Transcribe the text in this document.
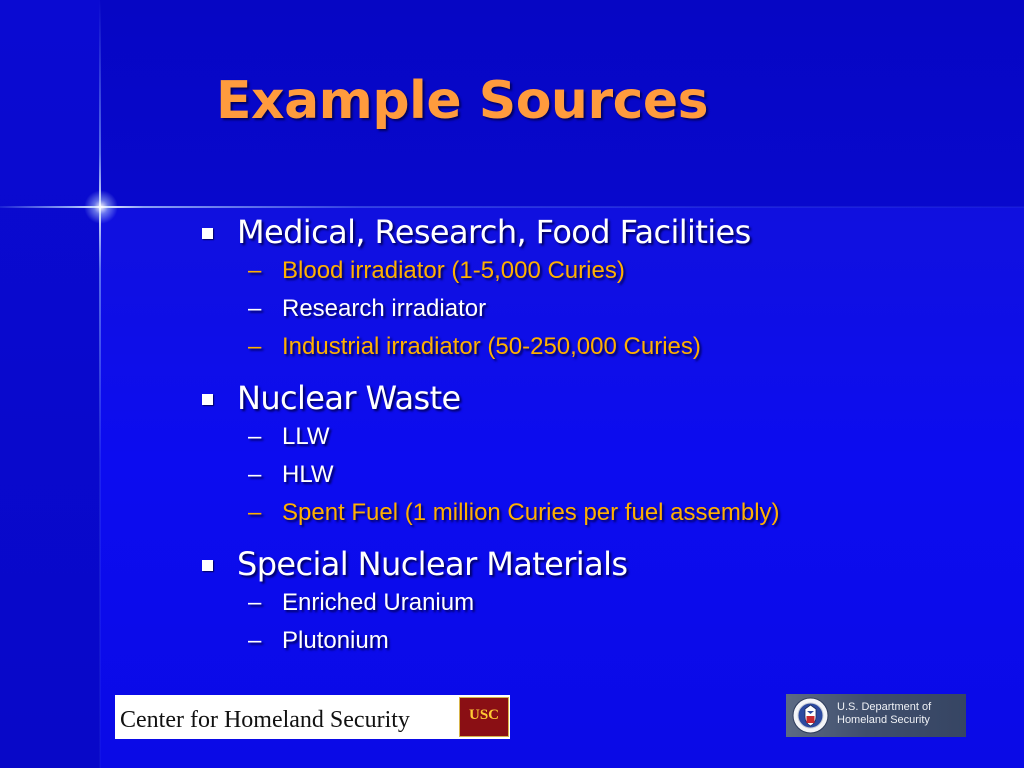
Example Sources
Medical, Research, Food Facilities
– Blood irradiator (1-5,000 Curies)
– Research irradiator
– Industrial irradiator (50-250,000 Curies)
Nuclear Waste
– LLW
– HLW
– Spent Fuel (1 million Curies per fuel assembly)
Special Nuclear Materials
– Enriched Uranium
– Plutonium
Center for Homeland Security	USC	U.S. Department of
Homeland Security
